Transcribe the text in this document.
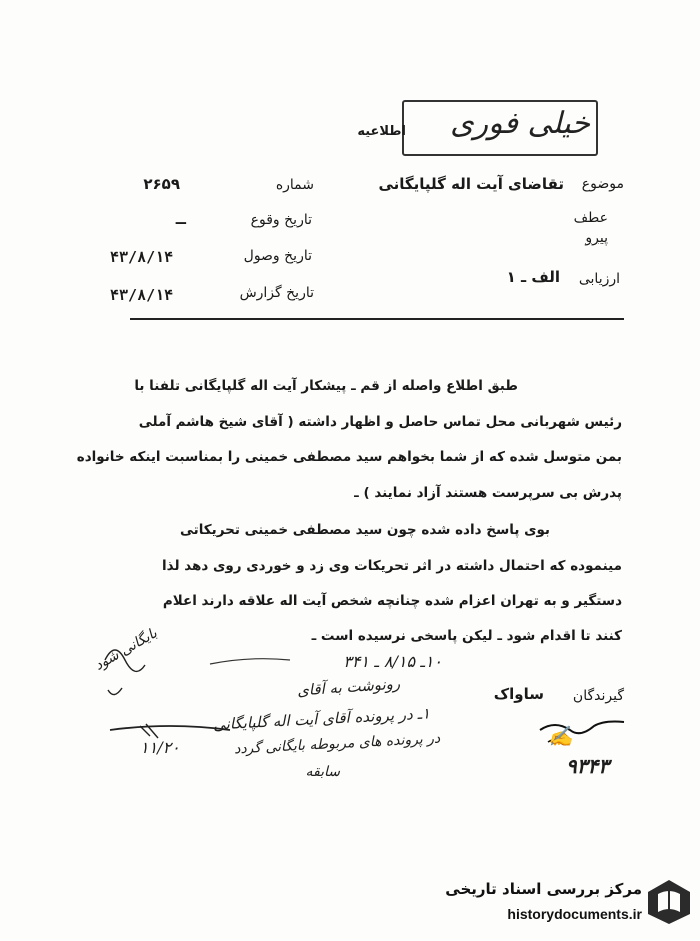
خیلی فوری
اطلاعیه
موضوع
تقاضای آیت اله گلپایگانی
عطف
پیرو
ارزیابی
الف ـ ۱
شماره
۲۶۵۹
تاریخ وقوع
ــ
تاریخ وصول
۴۳/۸/۱۴
تاریخ گزارش
۴۳/۸/۱۴
طبق اطلاع واصله از قم ـ پیشکار آیت اله گلپایگانی تلفنا با
رئیس شهربانی محل تماس حاصل و اظهار داشته ( آقای شیخ هاشم آملی
بمن متوسل شده که از شما بخواهم سید مصطفی خمینی را بمناسبت اینکه خانواده
پدرش بی سرپرست هستند آزاد نمایند ) ـ
بوی پاسخ داده شده چون سید مصطفی خمینی تحریکاتی
مینموده که احتمال داشته در اثر تحریکات وی زد و خوردی روی دهد لذا
دستگیر و به تهران اعزام شده چنانچه شخص آیت اله علاقه دارند اعلام
کنند تا اقدام شود ـ لیکن پاسخی نرسیده است ـ
گیرندگان
ساواک
۱۰ـ ۸/۱۵ ـ ۳۴۱
رونوشت به آقای
۱ـ در پرونده آقای آیت اله گلپایگانی
در پرونده های مربوطه بایگانی گردد
۱۱/۲۰
سابقه
بایگانی شود
✍
۹۳۴۳
مرکز بررسی اسناد تاریخی
historydocuments.ir
